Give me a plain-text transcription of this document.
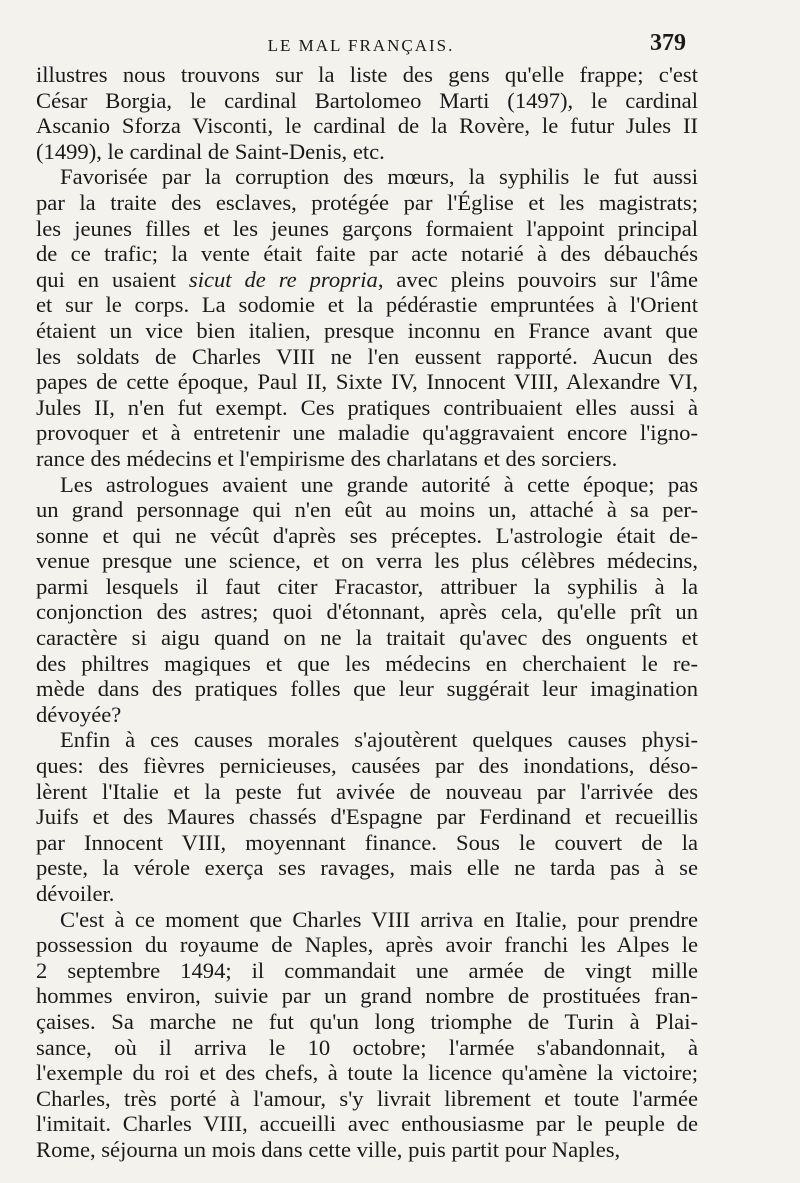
LE MAL FRANÇAIS.	379
illustres nous trouvons sur la liste des gens qu'elle frappe; c'est
César Borgia, le cardinal Bartolomeo Marti (1497), le cardinal
Ascanio Sforza Visconti, le cardinal de la Rovère, le futur Jules II
(1499), le cardinal de Saint-Denis, etc.
Favorisée par la corruption des mœurs, la syphilis le fut aussi
par la traite des esclaves, protégée par l'Église et les magistrats;
les jeunes filles et les jeunes garçons formaient l'appoint principal
de ce trafic; la vente était faite par acte notarié à des débauchés
qui en usaient sicut de re propria, avec pleins pouvoirs sur l'âme
et sur le corps. La sodomie et la pédérastie empruntées à l'Orient
étaient un vice bien italien, presque inconnu en France avant que
les soldats de Charles VIII ne l'en eussent rapporté. Aucun des
papes de cette époque, Paul II, Sixte IV, Innocent VIII, Alexandre VI,
Jules II, n'en fut exempt. Ces pratiques contribuaient elles aussi à
provoquer et à entretenir une maladie qu'aggravaient encore l'igno-
rance des médecins et l'empirisme des charlatans et des sorciers.
Les astrologues avaient une grande autorité à cette époque; pas
un grand personnage qui n'en eût au moins un, attaché à sa per-
sonne et qui ne vécût d'après ses préceptes. L'astrologie était de-
venue presque une science, et on verra les plus célèbres médecins,
parmi lesquels il faut citer Fracastor, attribuer la syphilis à la
conjonction des astres; quoi d'étonnant, après cela, qu'elle prît un
caractère si aigu quand on ne la traitait qu'avec des onguents et
des philtres magiques et que les médecins en cherchaient le re-
mède dans des pratiques folles que leur suggérait leur imagination
dévoyée?
Enfin à ces causes morales s'ajoutèrent quelques causes physi-
ques: des fièvres pernicieuses, causées par des inondations, déso-
lèrent l'Italie et la peste fut avivée de nouveau par l'arrivée des
Juifs et des Maures chassés d'Espagne par Ferdinand et recueillis
par Innocent VIII, moyennant finance. Sous le couvert de la
peste, la vérole exerça ses ravages, mais elle ne tarda pas à se
dévoiler.
C'est à ce moment que Charles VIII arriva en Italie, pour prendre
possession du royaume de Naples, après avoir franchi les Alpes le
2 septembre 1494; il commandait une armée de vingt mille
hommes environ, suivie par un grand nombre de prostituées fran-
çaises. Sa marche ne fut qu'un long triomphe de Turin à Plai-
sance, où il arriva le 10 octobre; l'armée s'abandonnait, à
l'exemple du roi et des chefs, à toute la licence qu'amène la victoire;
Charles, très porté à l'amour, s'y livrait librement et toute l'armée
l'imitait. Charles VIII, accueilli avec enthousiasme par le peuple de
Rome, séjourna un mois dans cette ville, puis partit pour Naples,
